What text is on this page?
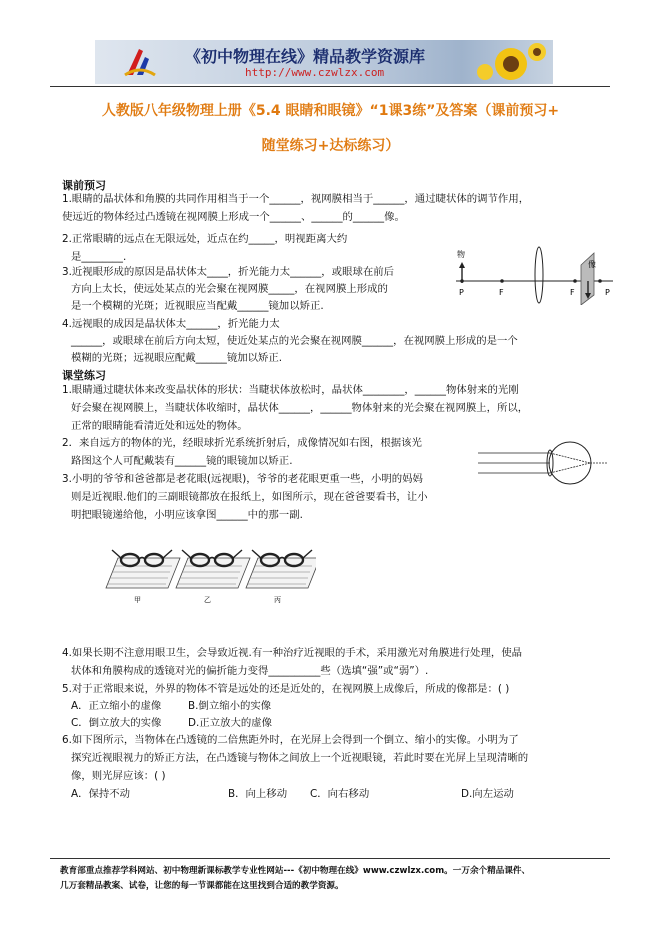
《初中物理在线》精品教学资源库
http://www.czwlzx.com
人教版八年级物理上册《5.4 眼睛和眼镜》“1课3练”及答案（课前预习+
随堂练习+达标练习）
课前预习
1.眼睛的晶状体和角膜的共同作用相当于一个______，视网膜相当于______，通过睫状体的调节作用，
使远近的物体经过凸透镜在视网膜上形成一个______、______的______像。
2.正常眼睛的远点在无限远处，近点在约_____，明视距离大约
是________.
3.近视眼形成的原因是晶状体太____，折光能力太______，或眼球在前后
方向上太长，使远处某点的光会聚在视网膜_____，在视网膜上形成的
是一个模糊的光斑；近视眼应当配戴______镜加以矫正.
4.远视眼的成因是晶状体太______，折光能力太
______，或眼球在前后方向太短，使近处某点的光会聚在视网膜______，在视网膜上形成的是一个
模糊的光斑；远视眼应配戴______镜加以矫正.
物
P	F	F
像
P
课堂练习
1.眼睛通过睫状体来改变晶状体的形状：当睫状体放松时，晶状体________，______物体射来的光刚
好会聚在视网膜上，当睫状体收缩时，晶状体______，______物体射来的光会聚在视网膜上，所以，
正常的眼睛能看清近处和远处的物体。
2．来自远方的物体的光，经眼球折光系统折射后，成像情况如右图，根据该光
路图这个人可配戴装有______镜的眼镜加以矫正.
3.小明的爷爷和爸爸都是老花眼(远视眼)，爷爷的老花眼更重一些，小明的妈妈
则是近视眼.他们的三副眼镜都放在报纸上，如图所示，现在爸爸要看书，让小
明把眼镜递给他，小明应该拿图______中的那一副.
甲	乙	丙
4.如果长期不注意用眼卫生，会导致近视.有一种治疗近视眼的手术，采用激光对角膜进行处理，使晶
状体和角膜构成的透镜对光的偏折能力变得__________些（选填“强”或“弱”）.
5.对于正常眼来说，外界的物体不管是远处的还是近处的，在视网膜上成像后，所成的像都是：( )
A．正立缩小的虚像	B.倒立缩小的实像
C．倒立放大的实像	D.正立放大的虚像
6.如下图所示，当物体在凸透镜的二倍焦距外时，在光屏上会得到一个倒立、缩小的实像。小明为了
探究近视眼视力的矫正方法，在凸透镜与物体之间放上一个近视眼镜，若此时要在光屏上呈现清晰的
像，则光屏应该：( )
A．保持不动	B．向上移动 C．向右移动	D.向左运动
教育部重点推荐学科网站、初中物理新课标教学专业性网站---《初中物理在线》www.czwlzx.com。一万余个精品课件、
几万套精品教案、试卷，让您的每一节课都能在这里找到合适的教学资源。
